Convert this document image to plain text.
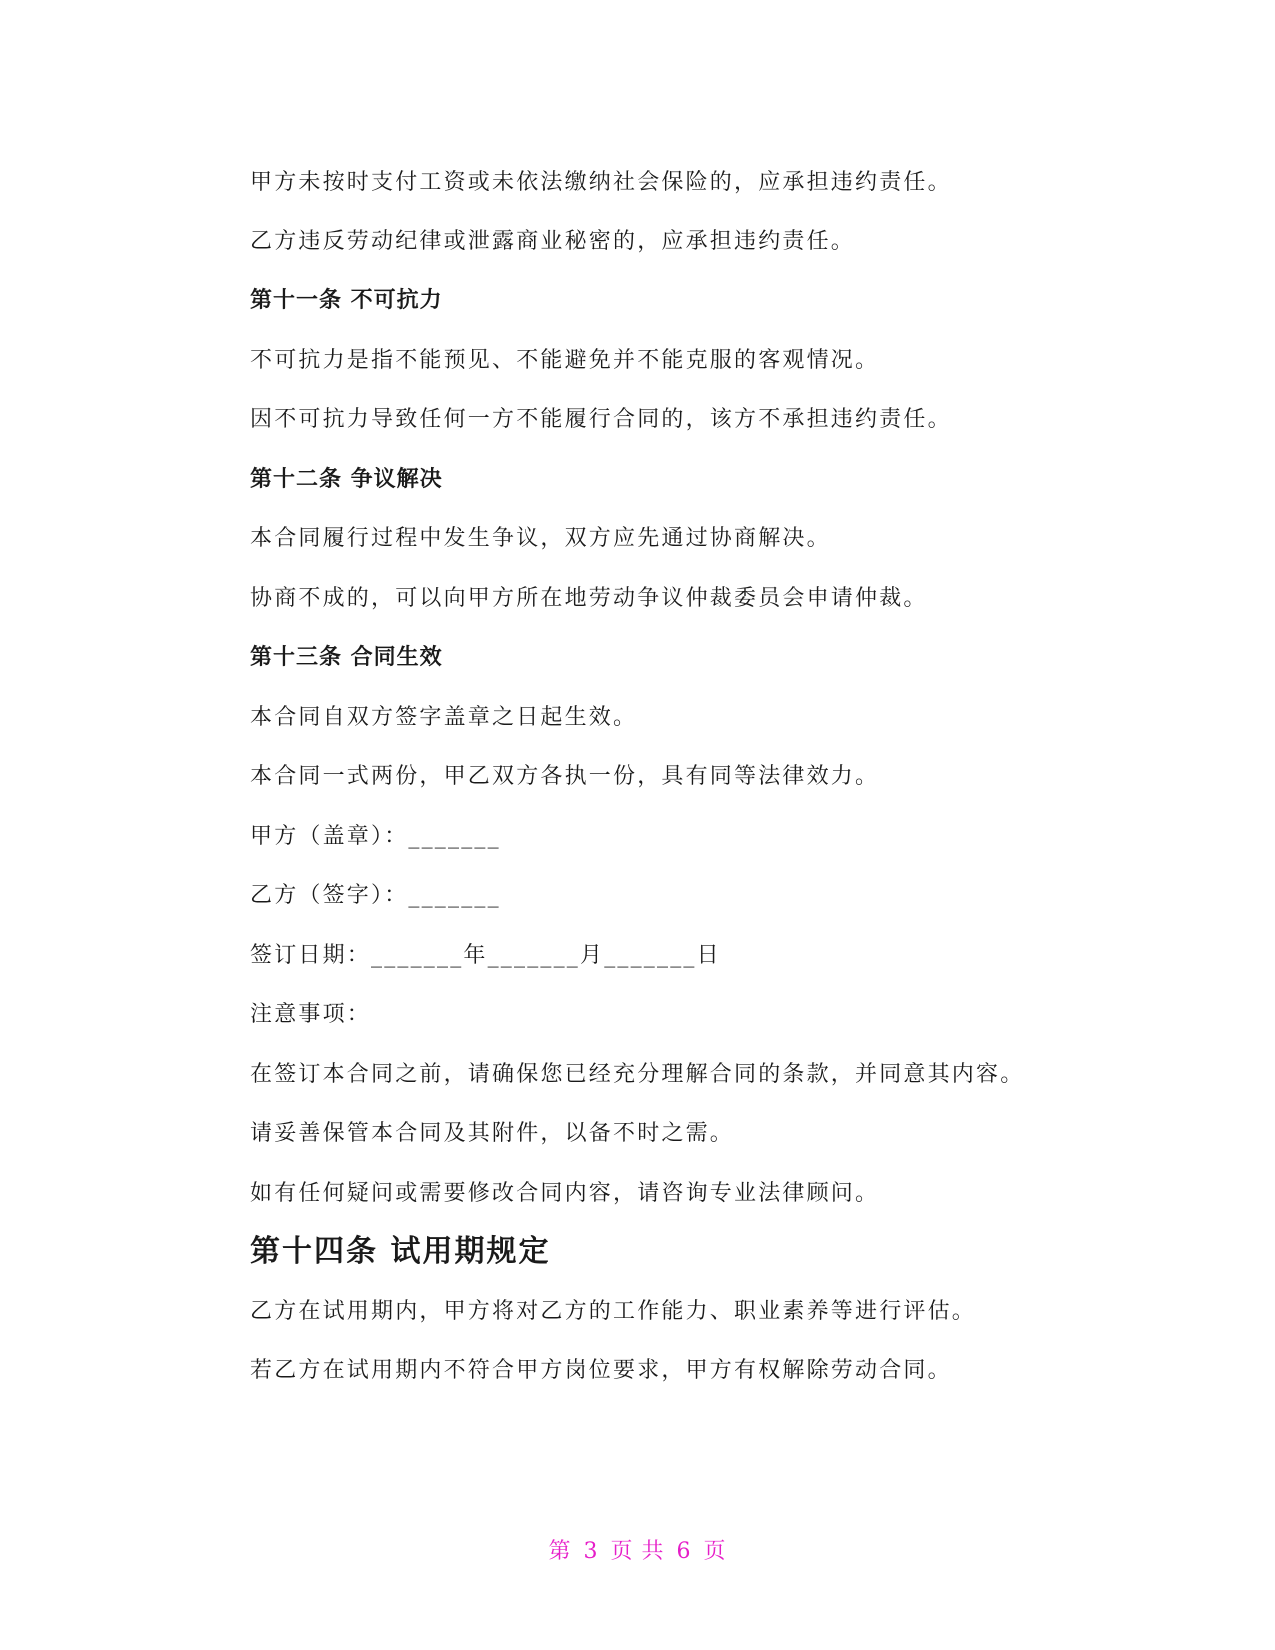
甲方未按时支付工资或未依法缴纳社会保险的，应承担违约责任。
乙方违反劳动纪律或泄露商业秘密的，应承担违约责任。
第十一条 不可抗力
不可抗力是指不能预见、不能避免并不能克服的客观情况。
因不可抗力导致任何一方不能履行合同的，该方不承担违约责任。
第十二条 争议解决
本合同履行过程中发生争议，双方应先通过协商解决。
协商不成的，可以向甲方所在地劳动争议仲裁委员会申请仲裁。
第十三条 合同生效
本合同自双方签字盖章之日起生效。
本合同一式两份，甲乙双方各执一份，具有同等法律效力。
甲方（盖章）：_______
乙方（签字）：_______
签订日期：_______年_______月_______日
注意事项：
在签订本合同之前，请确保您已经充分理解合同的条款，并同意其内容。
请妥善保管本合同及其附件，以备不时之需。
如有任何疑问或需要修改合同内容，请咨询专业法律顾问。
第十四条 试用期规定
乙方在试用期内，甲方将对乙方的工作能力、职业素养等进行评估。
若乙方在试用期内不符合甲方岗位要求，甲方有权解除劳动合同。
第 3 页 共 6 页
